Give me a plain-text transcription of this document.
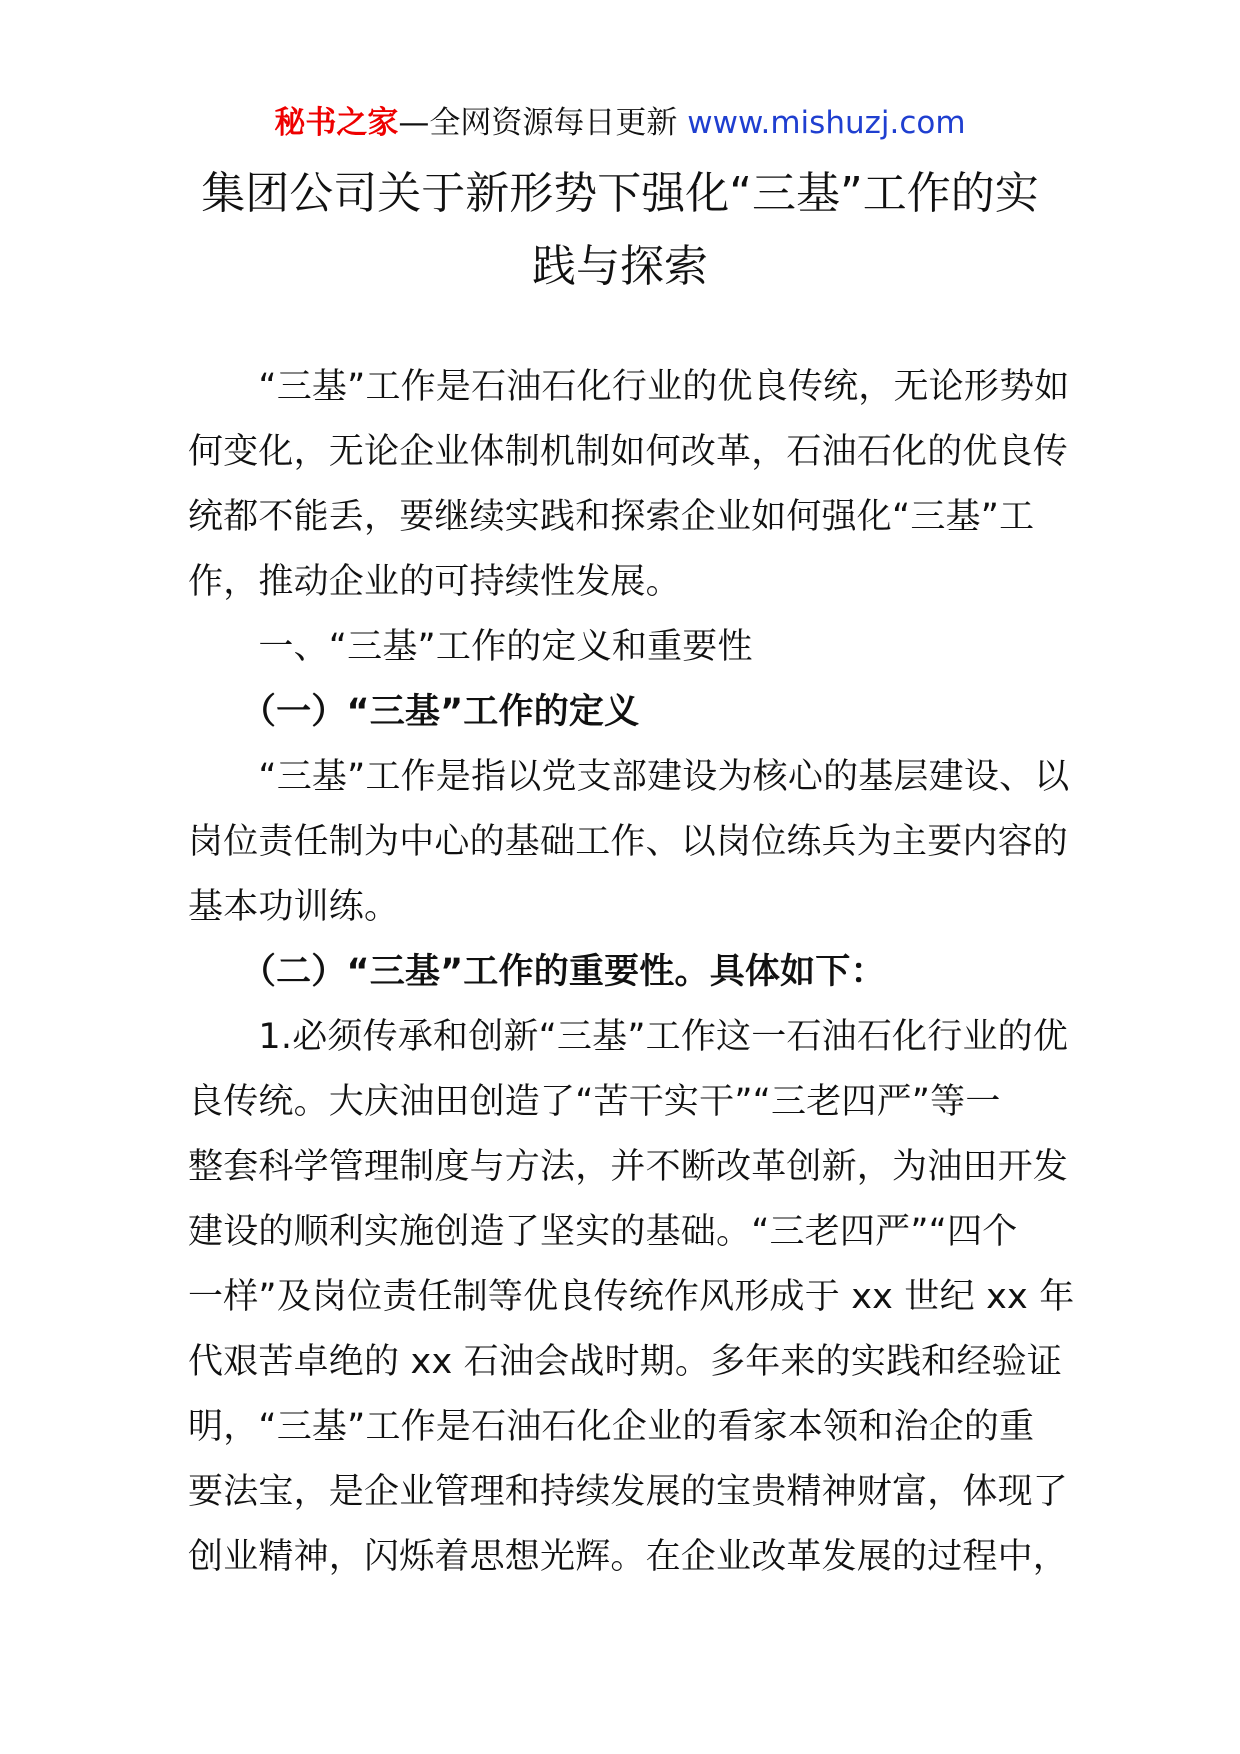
秘书之家—全网资源每日更新 www.mishuzj.com
集团公司关于新形势下强化“三基”工作的实
践与探索
　　“三基”工作是石油石化行业的优良传统，无论形势如
何变化，无论企业体制机制如何改革，石油石化的优良传
统都不能丢，要继续实践和探索企业如何强化“三基”工
作，推动企业的可持续性发展。
　　一、“三基”工作的定义和重要性
　　（一）“三基”工作的定义
　　“三基”工作是指以党支部建设为核心的基层建设、以
岗位责任制为中心的基础工作、以岗位练兵为主要内容的
基本功训练。
　　（二）“三基”工作的重要性。具体如下：
　　1.必须传承和创新“三基”工作这一石油石化行业的优
良传统。大庆油田创造了“苦干实干”“三老四严”等一
整套科学管理制度与方法，并不断改革创新，为油田开发
建设的顺利实施创造了坚实的基础。“三老四严”“四个
一样”及岗位责任制等优良传统作风形成于 xx 世纪 xx 年
代艰苦卓绝的 xx 石油会战时期。多年来的实践和经验证
明，“三基”工作是石油石化企业的看家本领和治企的重
要法宝，是企业管理和持续发展的宝贵精神财富，体现了
创业精神，闪烁着思想光辉。在企业改革发展的过程中，
